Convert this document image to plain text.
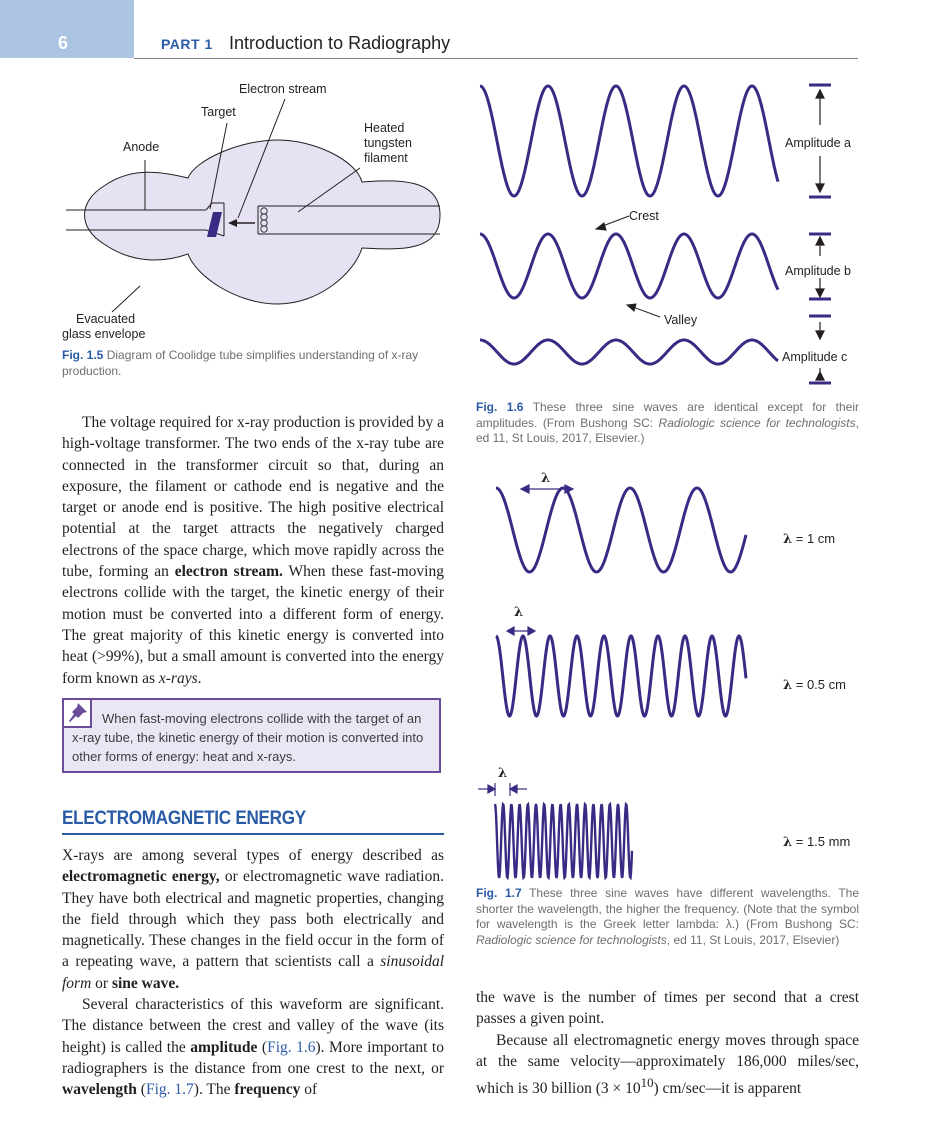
6	PART 1 Introduction to Radiography
Electron stream
Target
Anode
Heated
tungsten
filament
Evacuated
glass envelope
Fig. 1.5 Diagram of Coolidge tube simplifies understanding of x-ray production.
Amplitude a
Amplitude b
Amplitude c
Crest
Valley
Fig. 1.6 These three sine waves are identical except for their amplitudes. (From Bushong SC: Radiologic science for technologists, ed 11, St Louis, 2017, Elsevier.)
λ
λ
λ
λ = 1 cm
λ = 0.5 cm
λ = 1.5 mm
Fig. 1.7 These three sine waves have different wavelengths. The shorter the wavelength, the higher the frequency. (Note that the symbol for wavelength is the Greek letter lambda: λ.) (From Bushong SC: Radiologic science for technologists, ed 11, St Louis, 2017, Elsevier)

The voltage required for x-ray production is provided by a high-voltage transformer. The two ends of the x-ray tube are connected in the transformer circuit so that, during an exposure, the filament or cathode end is negative and the target or anode end is positive. The high positive electrical potential at the target attracts the negatively charged electrons of the space charge, which move rapidly across the tube, forming an electron stream. When these fast-moving electrons collide with the target, the kinetic energy of their motion must be converted into a different form of energy. The great majority of this kinetic energy is converted into heat (>99%), but a small amount is converted into the energy form known as x-rays.

When fast-moving electrons collide with the target of an x-ray tube, the kinetic energy of their motion is converted into other forms of energy: heat and x-rays.
ELECTROMAGNETIC ENERGY

X-rays are among several types of energy described as electromagnetic energy, or electromagnetic wave radiation. They have both electrical and magnetic properties, changing the field through which they pass both electrically and magnetically. These changes in the field occur in the form of a repeating wave, a pattern that scientists call a sinusoidal form or sine wave.

Several characteristics of this waveform are significant. The distance between the crest and valley of the wave (its height) is called the amplitude (Fig. 1.6). More important to radiographers is the distance from one crest to the next, or wavelength (Fig. 1.7). The frequency of

the wave is the number of times per second that a crest passes a given point.

Because all electromagnetic energy moves through space at the same velocity—approximately 186,000 miles/sec, which is 30 billion $(3 \times 10^{10})$ cm/sec—it is apparent
